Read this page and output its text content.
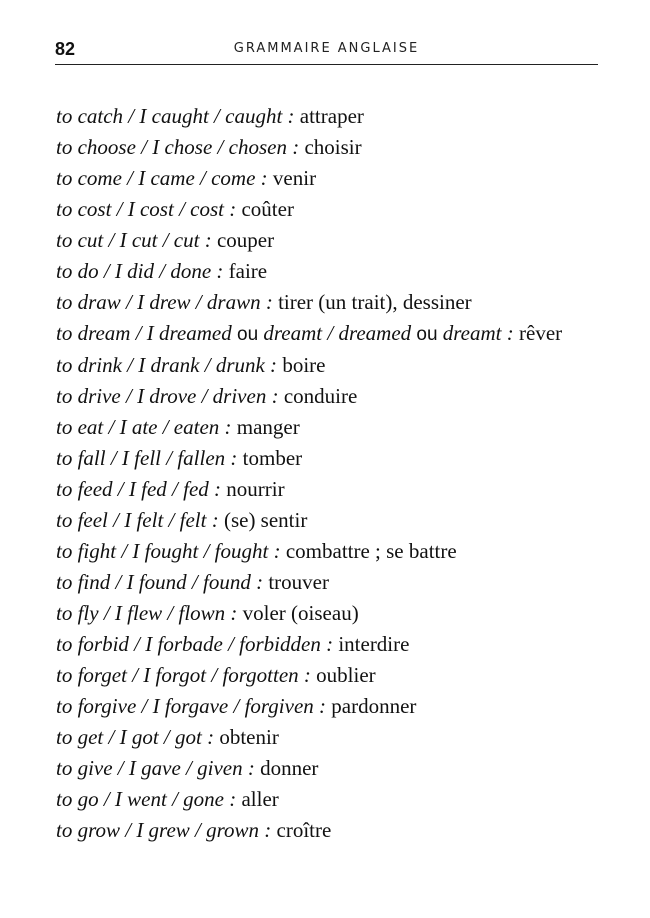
82	GRAMMAIRE ANGLAISE
to catch / I caught / caught : attraper
to choose / I chose / chosen : choisir
to come / I came / come : venir
to cost / I cost / cost : coûter
to cut / I cut / cut : couper
to do / I did / done : faire
to draw / I drew / drawn : tirer (un trait), dessiner
to dream / I dreamed ou dreamt / dreamed ou dreamt : rêver
to drink / I drank / drunk : boire
to drive / I drove / driven : conduire
to eat / I ate / eaten : manger
to fall / I fell / fallen : tomber
to feed / I fed / fed : nourrir
to feel / I felt / felt : (se) sentir
to fight / I fought / fought : combattre ; se battre
to find / I found / found : trouver
to fly / I flew / flown : voler (oiseau)
to forbid / I forbade / forbidden : interdire
to forget / I forgot / forgotten : oublier
to forgive / I forgave / forgiven : pardonner
to get / I got / got : obtenir
to give / I gave / given : donner
to go / I went / gone : aller
to grow / I grew / grown : croître
